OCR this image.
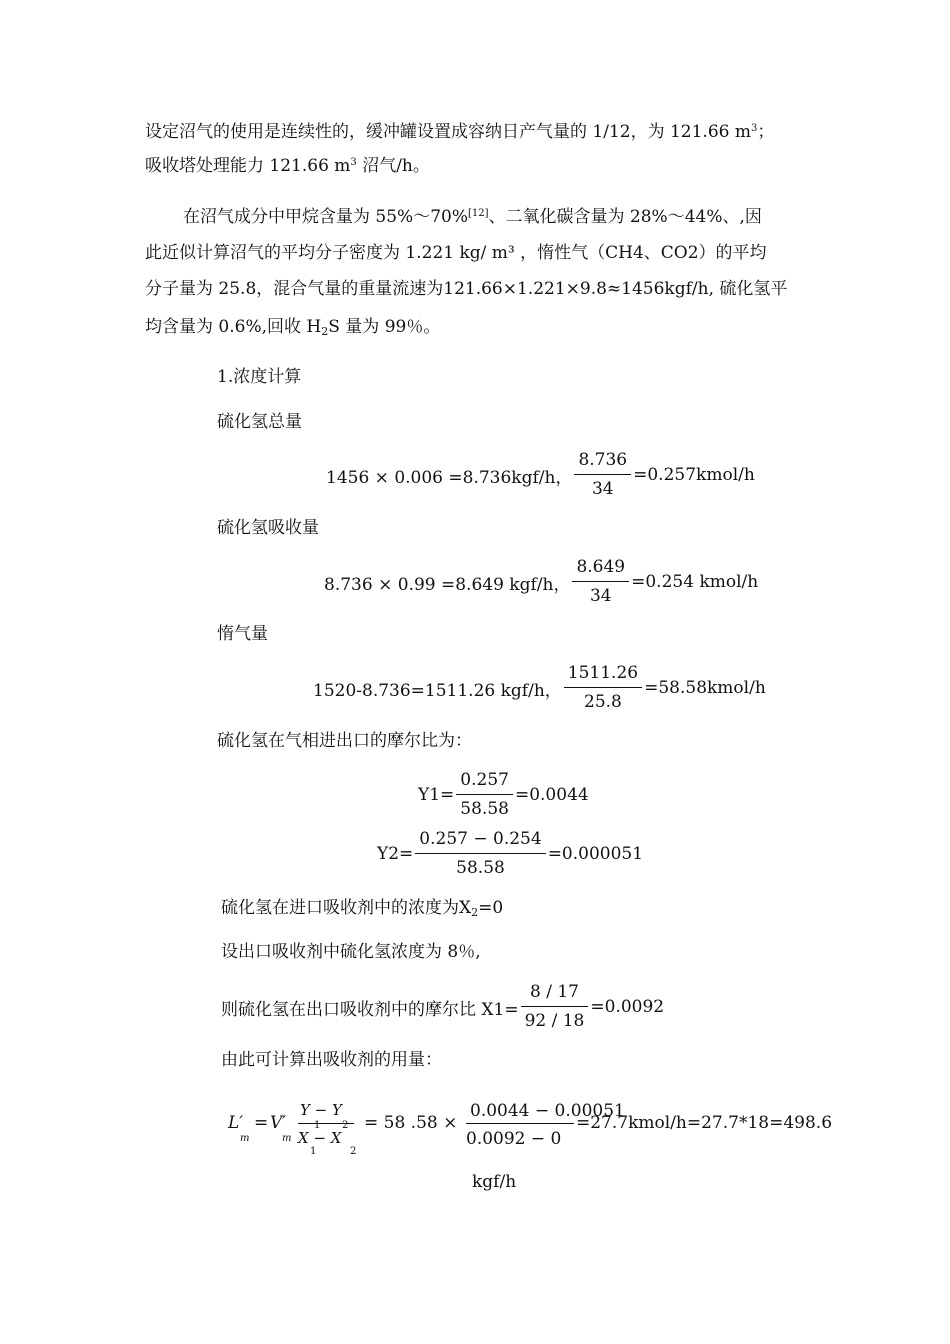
设定沼气的使用是连续性的，缓冲罐设置成容纳日产气量的 1/12，为 121.66 $m^3$；
吸收塔处理能力 121.66 $m^3$ 沼气/h。
在沼气成分中甲烷含量为 55%～70%[12]、二氧化碳含量为 28%～44%、,因
此近似计算沼气的平均分子密度为 1.221 kg/ m³ ，惰性气（CH4、CO2）的平均
分子量为 25.8，混合气量的重量流速为121.66×1.221×9.8≈1456kgf/h, 硫化氢平
均含量为 0.6%,回收 $H_2S$ 量为 99％。
1.浓度计算
硫化氢总量
1456 × 0.006 =8.736kgf/h， $\frac{8.736}{34}$ =0.257kmol/h
硫化氢吸收量
8.736 × 0.99 =8.649 kgf/h， $\frac{8.649}{34} =0.254$ kmol/h
惰气量
1520-8.736=1511.26 kgf/h， $\frac{1511.26}{25.8}$ =58.58kmol/h
硫化氢在气相进出口的摩尔比为：
$Y1= \frac{0.257}{58.58} =0.0044$
$Y2= \frac{0.257 - 0.254}{58.58} =0.000051$
硫化氢在进口吸收剂中的浓度为$X_2=0$
设出口吸收剂中硫化氢浓度为 8％,
则硫化氢在出口吸收剂中的摩尔比 $X1= \frac{8 / 17}{92 / 18} =0.0092$
由此可计算出吸收剂的用量：
L′
m
= V′
m
Y − Y
1 2
X − X
1	2
= 58 .58 ×
0.0044 − 0.00051
0.0092 − 0
=27.7kmol/h=27.7*18=498.6
kgf/h
